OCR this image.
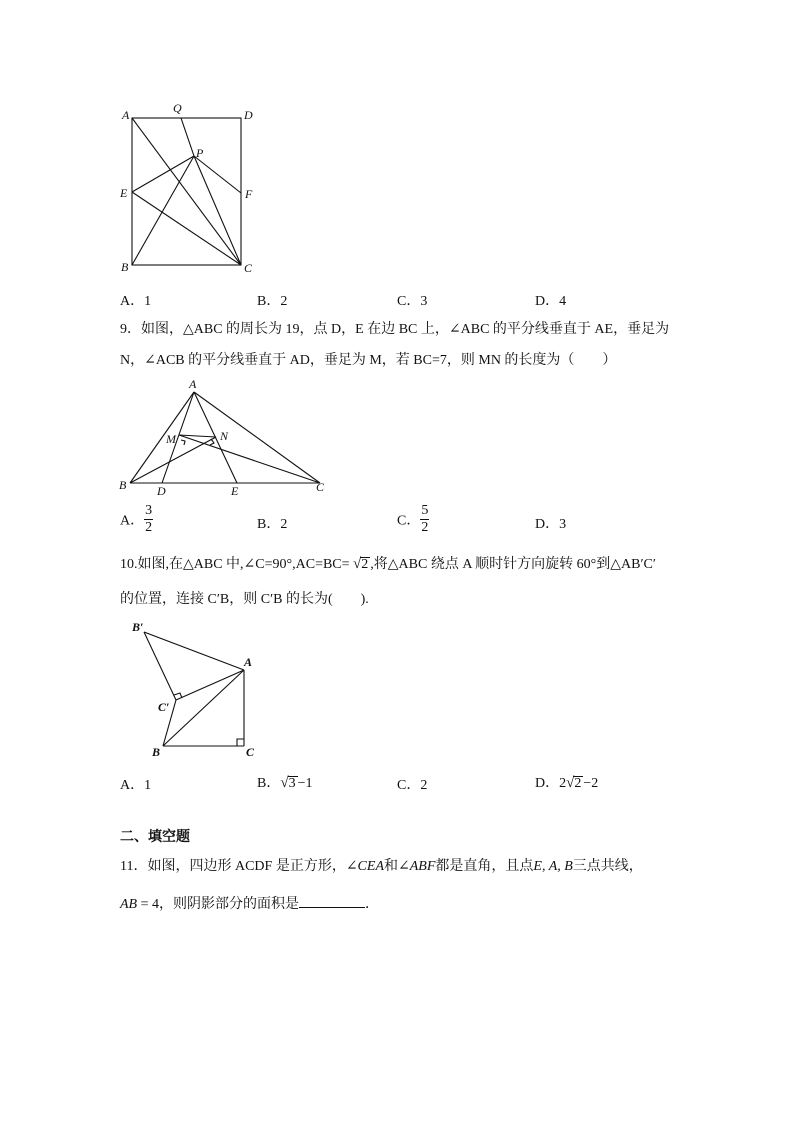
A	Q	D
P
E	F
B	C
A．1	B．2	C．3	D．4
9．如图，△ABC 的周长为 19，点 D，E 在边 BC 上，∠ABC 的平分线垂直于 AE，垂足为
N，∠ACB 的平分线垂直于 AD，垂足为 M，若 BC=7，则 MN 的长度为（　　）
A
M	N
B	D	E	C
A． $\frac{3}{2}$	B．2	C． $\frac{5}{2}$	D．3
10.如图,在△ABC 中,∠C=90°,AC=BC= √2 ,将△ABC 绕点 A 顺时针方向旋转 60°到△AB′C′
的位置，连接 C′B，则 C′B 的长为(　　).
B′
A
C′
B	C
A．1	B．√3 −1	C．2	D．2√2 −2
二、填空题
11．如图，四边形 ACDF 是正方形，∠CEA和∠ABF都是直角，且点E, A, B三点共线，
AB = 4，则阴影部分的面积是	．
